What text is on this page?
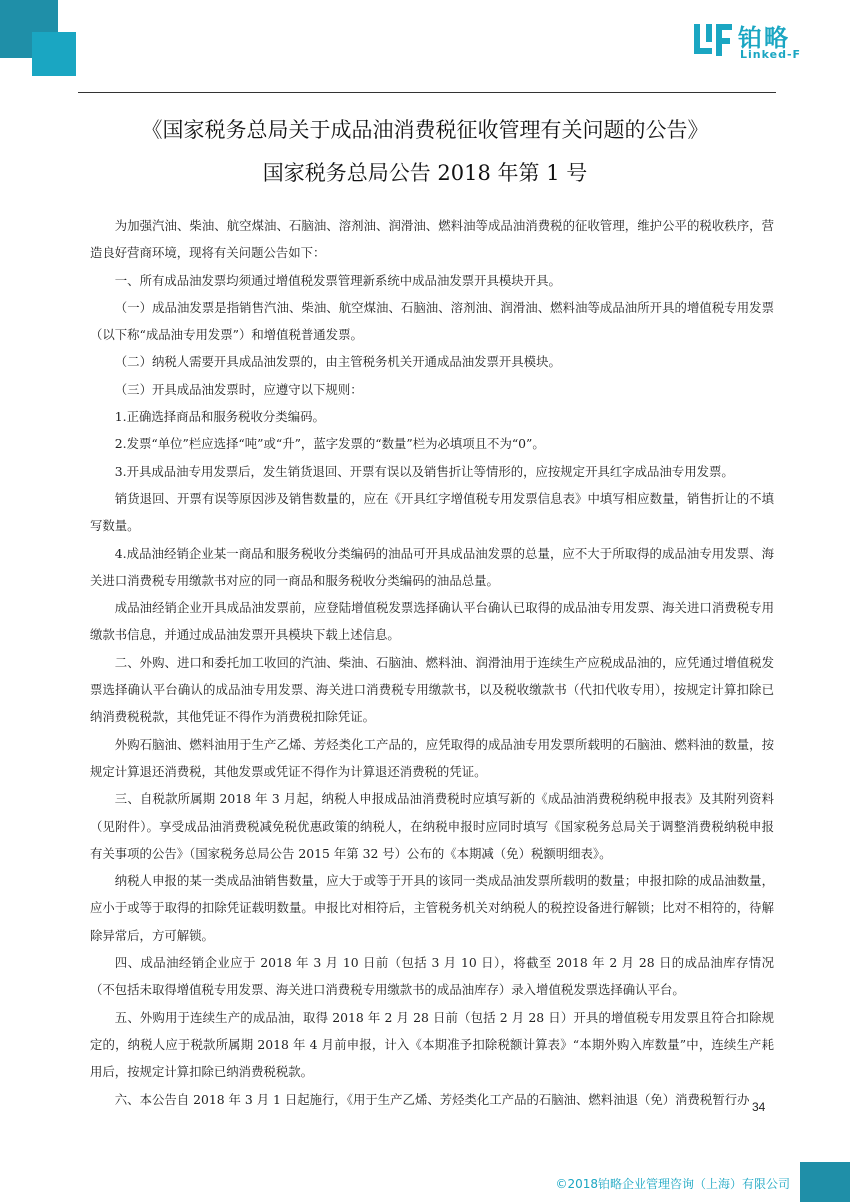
铂略
Linked-F
《国家税务总局关于成品油消费税征收管理有关问题的公告》
国家税务总局公告 2018 年第 1 号

为加强汽油、柴油、航空煤油、石脑油、溶剂油、润滑油、燃料油等成品油消费税的征收管理，维护公平的税收秩序，营造良好营商环境，现将有关问题公告如下：

一、所有成品油发票均须通过增值税发票管理新系统中成品油发票开具模块开具。

（一）成品油发票是指销售汽油、柴油、航空煤油、石脑油、溶剂油、润滑油、燃料油等成品油所开具的增值税专用发票（以下称“成品油专用发票”）和增值税普通发票。

（二）纳税人需要开具成品油发票的，由主管税务机关开通成品油发票开具模块。

（三）开具成品油发票时，应遵守以下规则：

1.正确选择商品和服务税收分类编码。

2.发票“单位”栏应选择“吨”或“升”，蓝字发票的“数量”栏为必填项且不为“0”。

3.开具成品油专用发票后，发生销货退回、开票有误以及销售折让等情形的，应按规定开具红字成品油专用发票。

销货退回、开票有误等原因涉及销售数量的，应在《开具红字增值税专用发票信息表》中填写相应数量，销售折让的不填写数量。

4.成品油经销企业某一商品和服务税收分类编码的油品可开具成品油发票的总量，应不大于所取得的成品油专用发票、海关进口消费税专用缴款书对应的同一商品和服务税收分类编码的油品总量。

成品油经销企业开具成品油发票前，应登陆增值税发票选择确认平台确认已取得的成品油专用发票、海关进口消费税专用缴款书信息，并通过成品油发票开具模块下载上述信息。

二、外购、进口和委托加工收回的汽油、柴油、石脑油、燃料油、润滑油用于连续生产应税成品油的，应凭通过增值税发票选择确认平台确认的成品油专用发票、海关进口消费税专用缴款书，以及税收缴款书（代扣代收专用），按规定计算扣除已纳消费税税款，其他凭证不得作为消费税扣除凭证。

外购石脑油、燃料油用于生产乙烯、芳烃类化工产品的，应凭取得的成品油专用发票所载明的石脑油、燃料油的数量，按规定计算退还消费税，其他发票或凭证不得作为计算退还消费税的凭证。

三、自税款所属期 2018 年 3 月起，纳税人申报成品油消费税时应填写新的《成品油消费税纳税申报表》及其附列资料（见附件）。享受成品油消费税减免税优惠政策的纳税人，在纳税申报时应同时填写《国家税务总局关于调整消费税纳税申报有关事项的公告》（国家税务总局公告 2015 年第 32 号）公布的《本期减（免）税额明细表》。

纳税人申报的某一类成品油销售数量，应大于或等于开具的该同一类成品油发票所载明的数量；申报扣除的成品油数量，应小于或等于取得的扣除凭证载明数量。申报比对相符后，主管税务机关对纳税人的税控设备进行解锁；比对不相符的，待解除异常后，方可解锁。

四、成品油经销企业应于 2018 年 3 月 10 日前（包括 3 月 10 日），将截至 2018 年 2 月 28 日的成品油库存情况（不包括未取得增值税专用发票、海关进口消费税专用缴款书的成品油库存）录入增值税发票选择确认平台。

五、外购用于连续生产的成品油，取得 2018 年 2 月 28 日前（包括 2 月 28 日）开具的增值税专用发票且符合扣除规定的，纳税人应于税款所属期 2018 年 4 月前申报，计入《本期准予扣除税额计算表》“本期外购入库数量”中，连续生产耗用后，按规定计算扣除已纳消费税税款。

六、本公告自 2018 年 3 月 1 日起施行，《用于生产乙烯、芳烃类化工产品的石脑油、燃料油退（免）消费税暂行办

34
©2018铂略企业管理咨询（上海）有限公司
